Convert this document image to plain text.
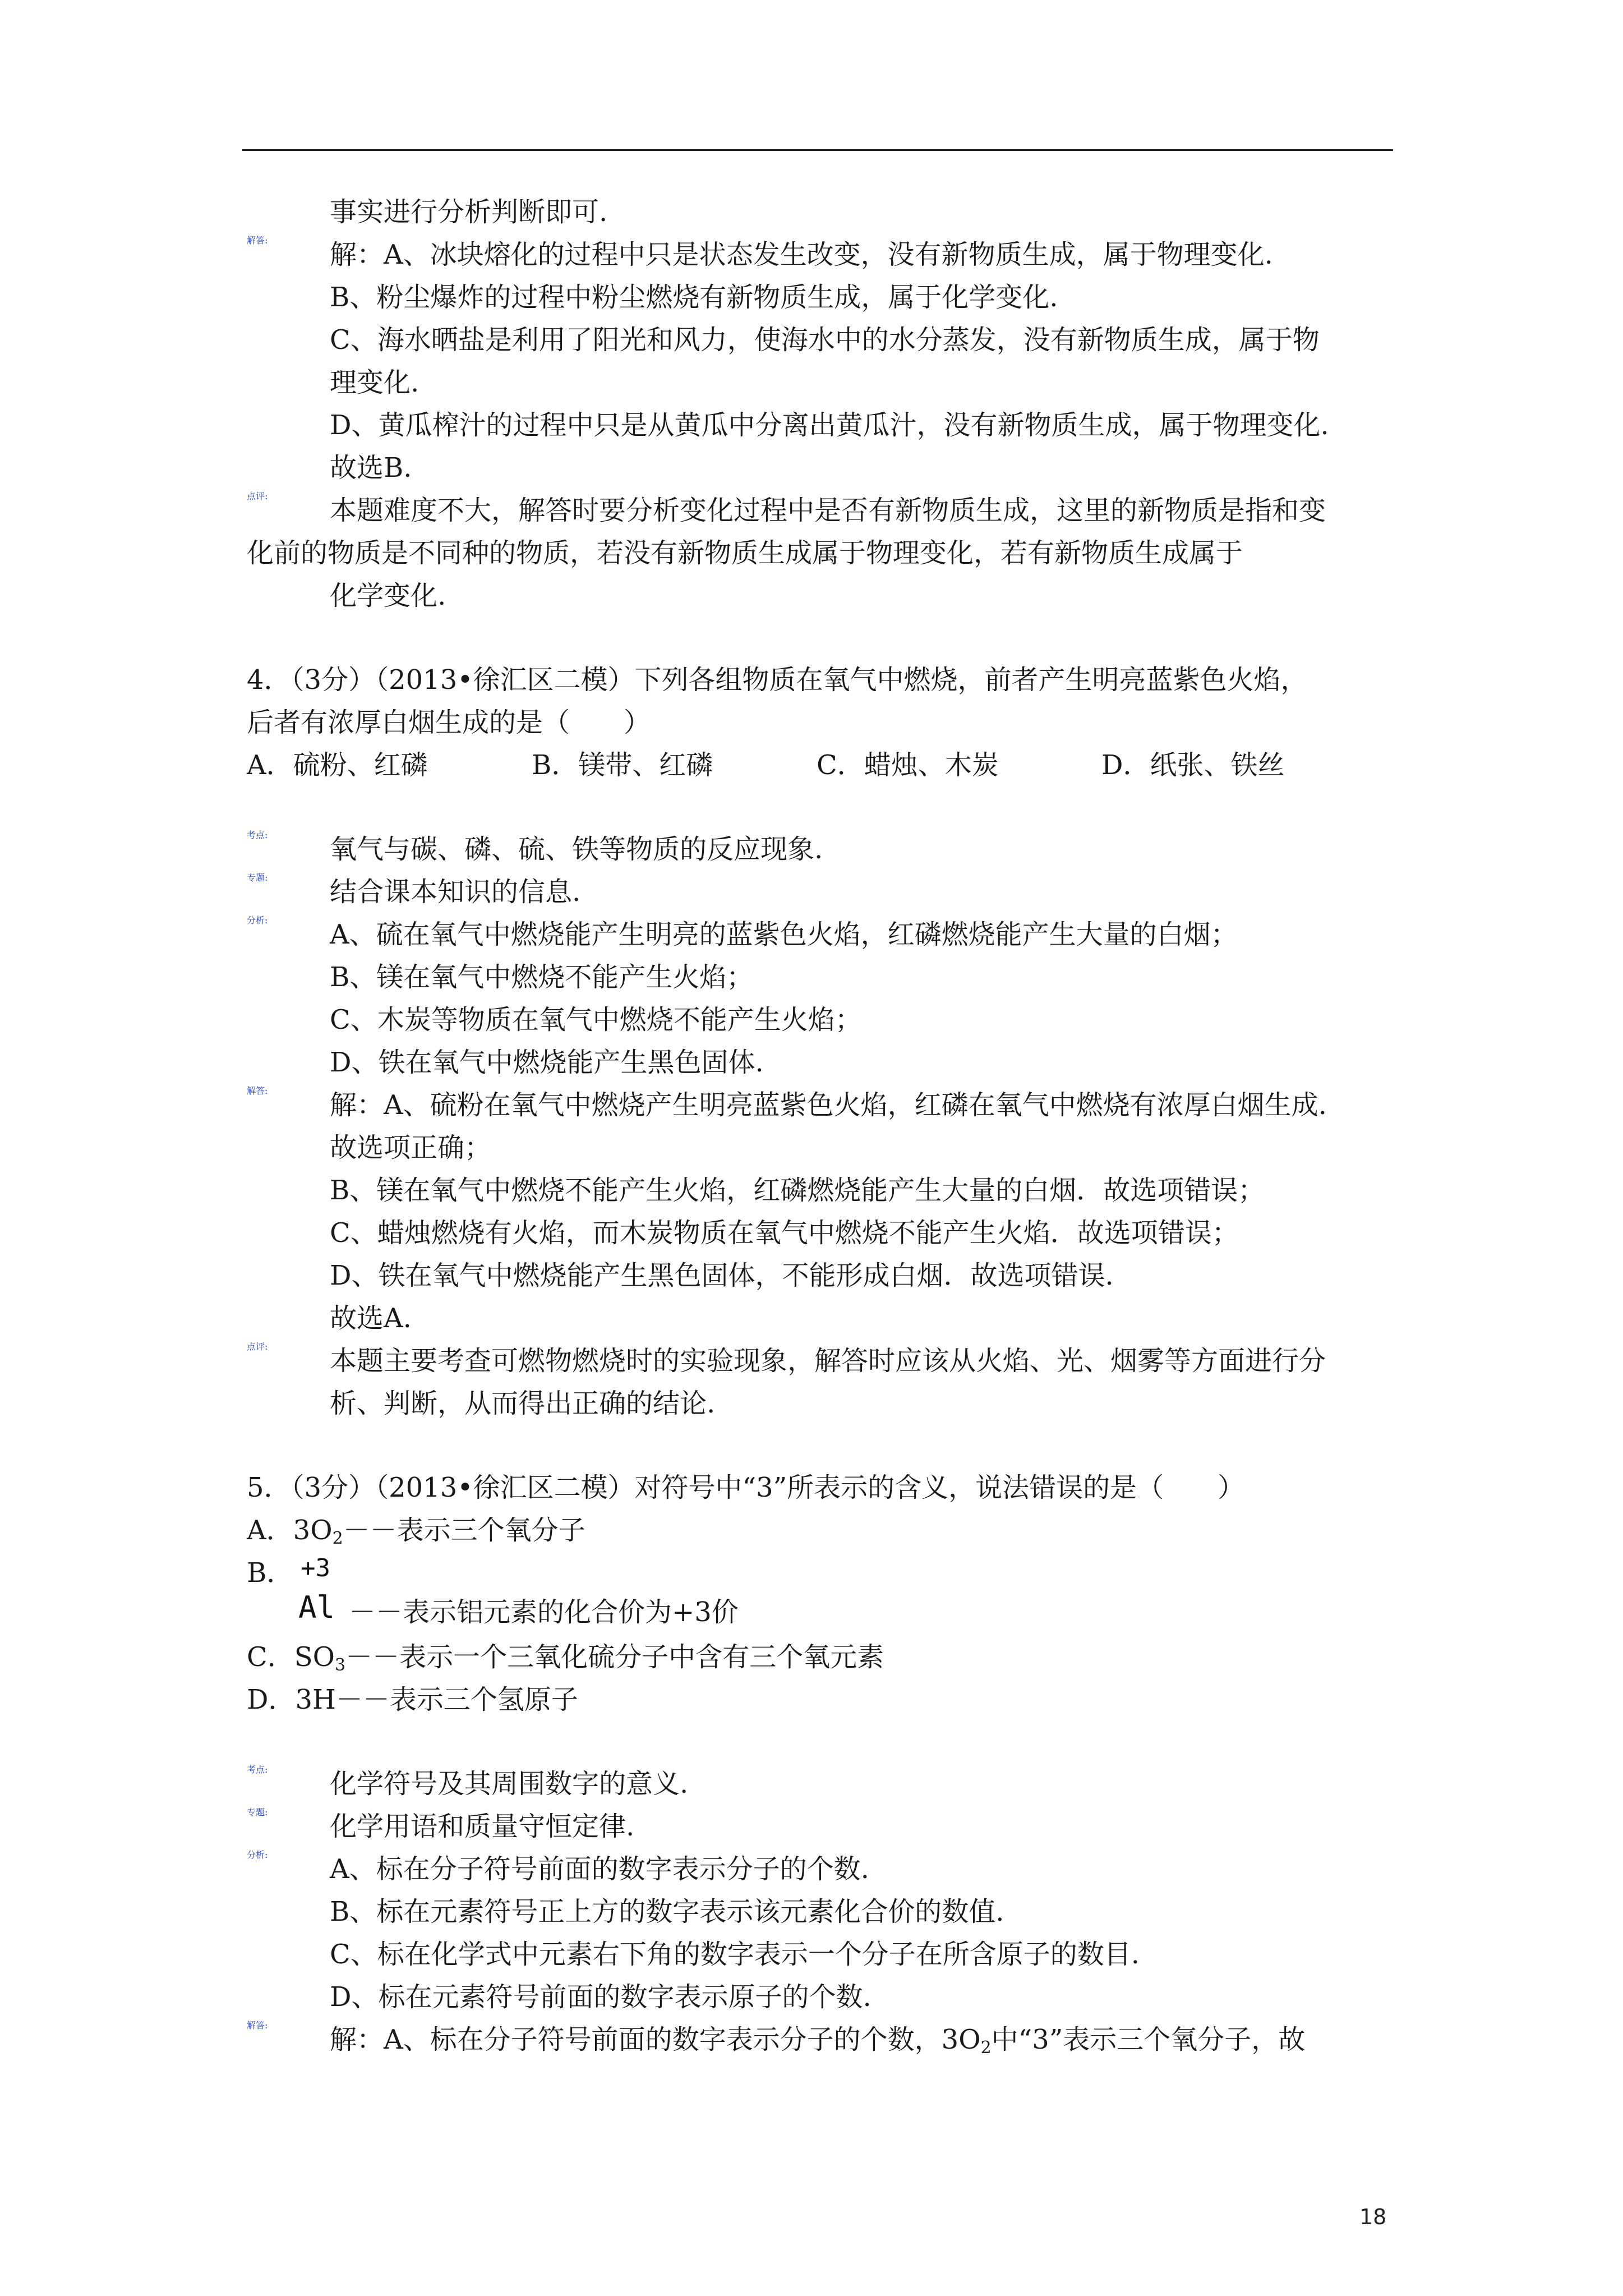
事实进行分析判断即可.
解答: 解：A、冰块熔化的过程中只是状态发生改变，没有新物质生成，属于物理变化.
B、粉尘爆炸的过程中粉尘燃烧有新物质生成，属于化学变化.
C、海水晒盐是利用了阳光和风力，使海水中的水分蒸发，没有新物质生成，属于物
理变化.
D、黄瓜榨汁的过程中只是从黄瓜中分离出黄瓜汁，没有新物质生成，属于物理变化.
故选B.
点评: 本题难度不大，解答时要分析变化过程中是否有新物质生成，这里的新物质是指和变
化前的物质是不同种的物质，若没有新物质生成属于物理变化，若有新物质生成属于
化学变化.
4．（3分）（2013•徐汇区二模）下列各组物质在氧气中燃烧，前者产生明亮蓝紫色火焰，
后者有浓厚白烟生成的是（　　）
A．硫粉、红磷	B．镁带、红磷	C．蜡烛、木炭	D．纸张、铁丝
考点: 氧气与碳、磷、硫、铁等物质的反应现象.
专题: 结合课本知识的信息.
分析: A、硫在氧气中燃烧能产生明亮的蓝紫色火焰，红磷燃烧能产生大量的白烟；
B、镁在氧气中燃烧不能产生火焰；
C、木炭等物质在氧气中燃烧不能产生火焰；
D、铁在氧气中燃烧能产生黑色固体.
解答: 解：A、硫粉在氧气中燃烧产生明亮蓝紫色火焰，红磷在氧气中燃烧有浓厚白烟生成.
故选项正确；
B、镁在氧气中燃烧不能产生火焰，红磷燃烧能产生大量的白烟．故选项错误；
C、蜡烛燃烧有火焰，而木炭物质在氧气中燃烧不能产生火焰．故选项错误；
D、铁在氧气中燃烧能产生黑色固体，不能形成白烟．故选项错误.
故选A.
点评: 本题主要考查可燃物燃烧时的实验现象，解答时应该从火焰、光、烟雾等方面进行分
析、判断，从而得出正确的结论.
5．（3分）（2013•徐汇区二模）对符号中“3”所表示的含义，说法错误的是（　　）
A．$3O_2--$表示三个氧分子
B． +3
Al －－表示铝元素的化合价为+3价
C．$SO_3--$表示一个三氧化硫分子中含有三个氧元素
D．3H－－表示三个氢原子
考点: 化学符号及其周围数字的意义.
专题: 化学用语和质量守恒定律.
分析: A、标在分子符号前面的数字表示分子的个数.
B、标在元素符号正上方的数字表示该元素化合价的数值.
C、标在化学式中元素右下角的数字表示一个分子在所含原子的数目.
D、标在元素符号前面的数字表示原子的个数.
解答: 解：A、标在分子符号前面的数字表示分子的个数，$3O_2$中“3”表示三个氧分子，故
18
